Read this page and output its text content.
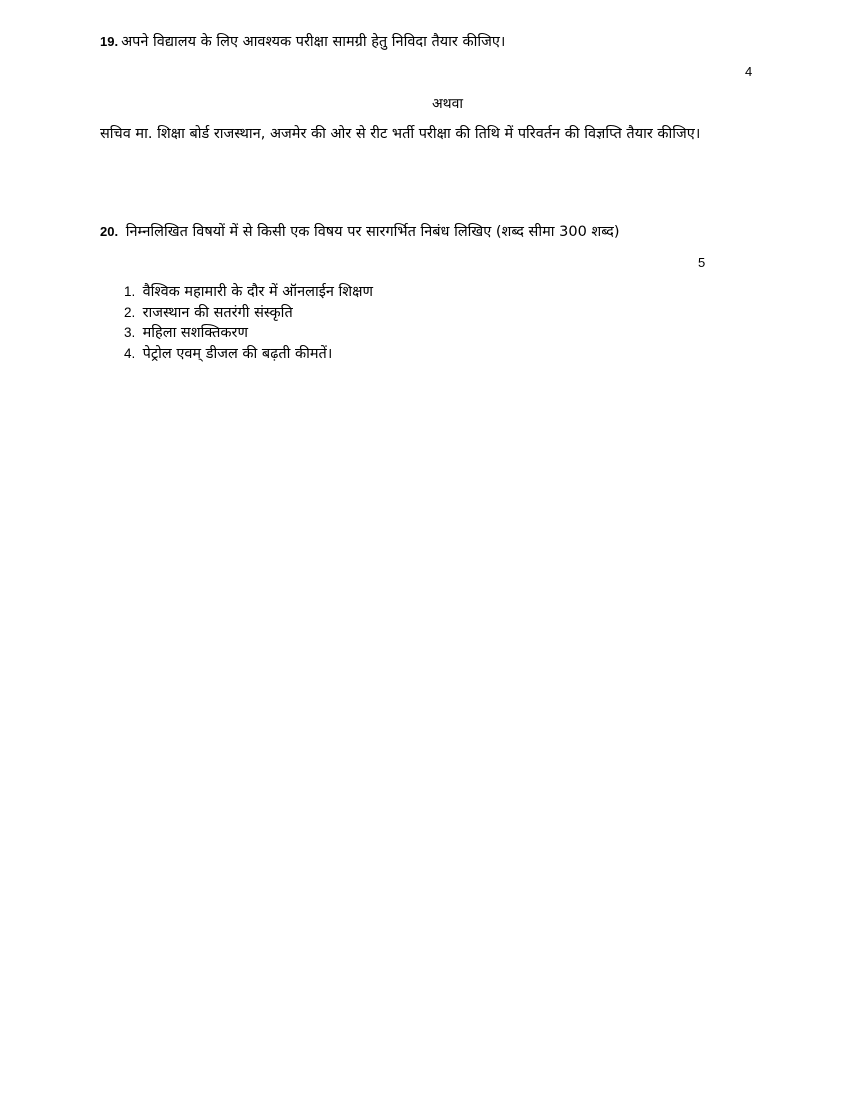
19. अपने विद्यालय के लिए आवश्यक परीक्षा सामग्री हेतु निविदा तैयार कीजिए।
4
अथवा
सचिव मा. शिक्षा बोर्ड राजस्थान, अजमेर की ओर से रीट भर्ती परीक्षा की तिथि में परिवर्तन की विज्ञप्ति तैयार कीजिए।
20. निम्नलिखित विषयों में से किसी एक विषय पर सारगर्भित निबंध लिखिए (शब्द सीमा 300 शब्द)
5
1. वैश्विक महामारी के दौर में ऑनलाईन शिक्षण
2. राजस्थान की सतरंगी संस्कृति
3. महिला सशक्तिकरण
4. पेट्रोल एवम् डीजल की बढ़ती कीमतें।
